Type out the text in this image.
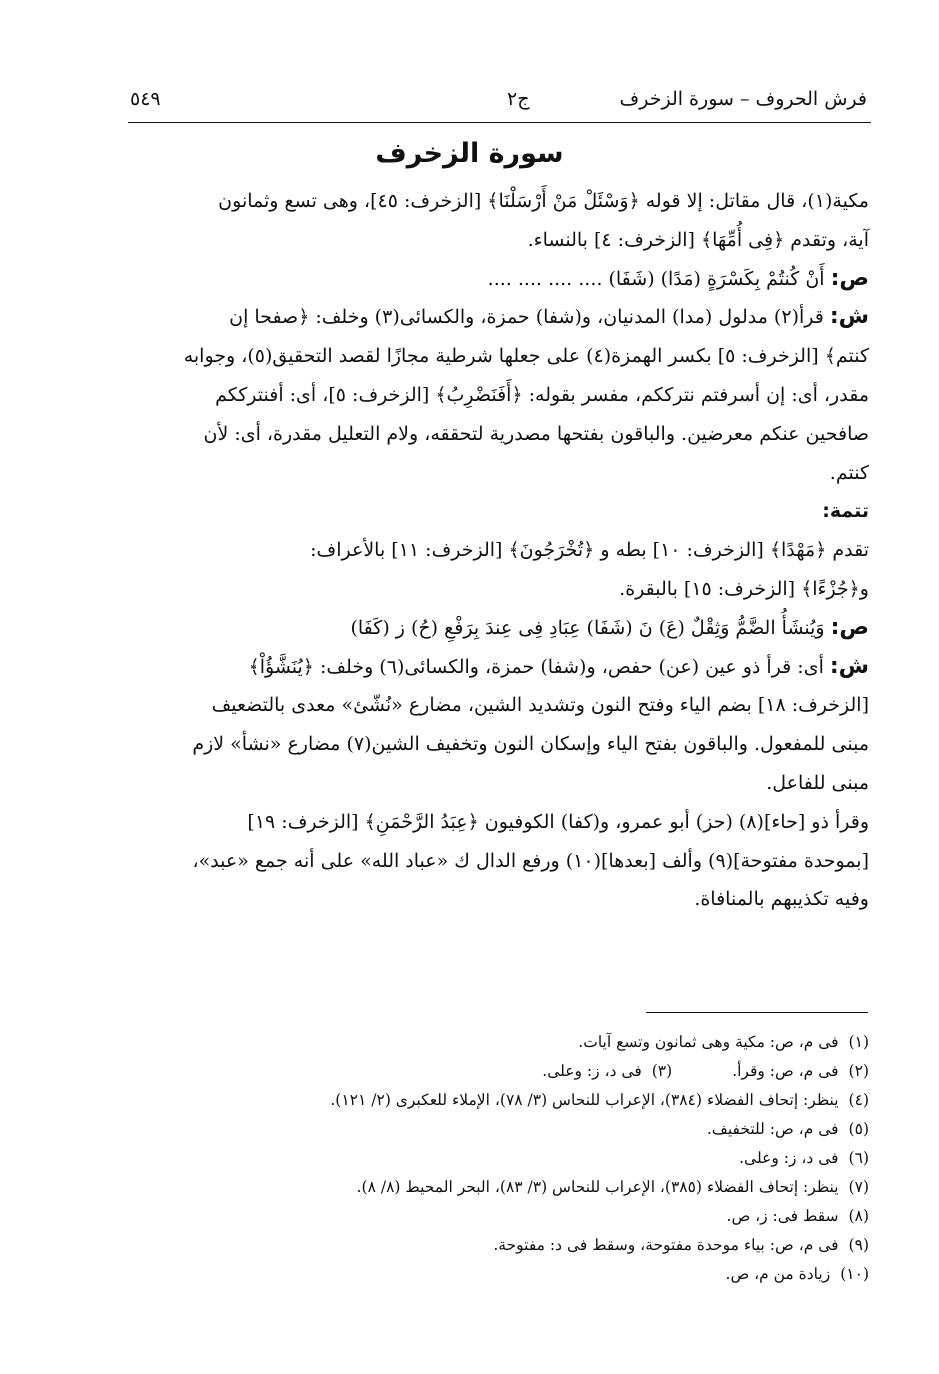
فرش الحروف – سورة الزخرف
ج٢
٥٤٩
سورة الزخرف

مكية(١)، قال مقاتل: إلا قوله ﴿وَسْئَلْ مَنْ أَرْسَلْنَا﴾ [الزخرف: ٤٥]، وهى تسع وثمانون

آية، وتقدم ﴿فِى أُمِّهَا﴾ [الزخرف: ٤] بالنساء.

ص:أَنْ كُنتُمْ بِكَسْرَةٍ (مَدًا) (شَفَا) .... .... .... ....

ش:قرأ(٢) مدلول (مدا) المدنيان، و(شفا) حمزة، والكسائى(٣) وخلف: ﴿صفحا إن

كنتم﴾ [الزخرف: ٥] بكسر الهمزة(٤) على جعلها شرطية مجازًا لقصد التحقيق(٥)، وجوابه

مقدر، أى: إن أسرفتم نترككم، مفسر بقوله: ﴿أَفَنَضْرِبُ﴾ [الزخرف: ٥]، أى: أفنترككم

صافحين عنكم معرضين. والباقون بفتحها مصدرية لتحققه، ولام التعليل مقدرة، أى: لأن

كنتم.

تتمة:

تقدم ﴿مَهْدًا﴾ [الزخرف: ١٠] بطه و ﴿تُخْرَجُونَ﴾ [الزخرف: ١١] بالأعراف:

و﴿جُزْءًا﴾ [الزخرف: ١٥] بالبقرة.

ص:وَيُنشَأُ الضَّمُّ وَثِقْلٌ (عَ) نَ (شَفَا) عِبَادِ فِى عِندَ بِرَفْعِ (حُ) ز (كَفَا)

ش:أى: قرأ ذو عين (عن) حفص، و(شفا) حمزة، والكسائى(٦) وخلف: ﴿يُنَشَّؤُاْ﴾

[الزخرف: ١٨] بضم الياء وفتح النون وتشديد الشين، مضارع «نُشّئ» معدى بالتضعيف

مبنى للمفعول. والباقون بفتح الياء وإسكان النون وتخفيف الشين(٧) مضارع «نشأ» لازم

مبنى للفاعل.

وقرأ ذو [حاء](٨) (حز) أبو عمرو، و(كفا) الكوفيون ﴿عِبَدُ الرَّحْمَنِ﴾ [الزخرف: ١٩]

[بموحدة مفتوحة](٩) وألف [بعدها](١٠) ورفع الدال ك «عباد الله» على أنه جمع «عبد»،

وفيه تكذيبهم بالمنافاة.

(١)فى م، ص: مكية وهى ثمانون وتسع آيات.
(٢)فى م، ص: وقرأ.(٣)فى د، ز: وعلى.
(٤)ينظر: إتحاف الفضلاء (٣٨٤)، الإعراب للنحاس (٣/ ٧٨)، الإملاء للعكبرى (٢/ ١٢١).
(٥)فى م، ص: للتخفيف.
(٦)فى د، ز: وعلى.
(٧)ينظر: إتحاف الفضلاء (٣٨٥)، الإعراب للنحاس (٣/ ٨٣)، البحر المحيط (٨/ ٨).
(٨)سقط فى: ز، ص.
(٩)فى م، ص: بياء موحدة مفتوحة، وسقط فى د: مفتوحة.
(١٠)زيادة من م، ص.
